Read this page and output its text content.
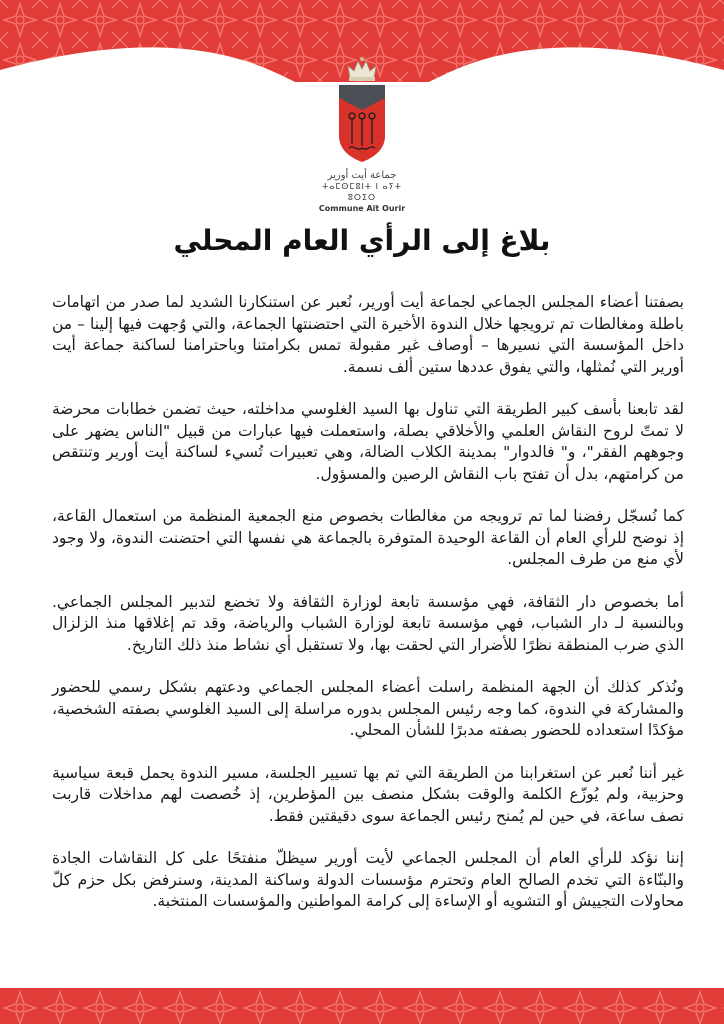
جماعة أيت أورير
ⵜⴰⵎⵙⵎⵓⵏⵜ ⵏ ⴰⵢⵜ ⵓⵔⵉⵔ
Commune Aït Ourir
بلاغ إلى الرأي العام المحلي

بصفتنا أعضاء المجلس الجماعي لجماعة أيت أورير، نُعبر عن استنكارنا الشديد لما صدر من اتهامات باطلة ومغالطات تم ترويجها خلال الندوة الأخيرة التي احتضنتها الجماعة، والتي وُجهت فيها إلينا – من داخل المؤسسة التي نسيرها – أوصاف غير مقبولة تمس بكرامتنا وباحترامنا لساكنة جماعة أيت أورير التي نُمثلها، والتي يفوق عددها ستين ألف نسمة.

لقد تابعنا بأسف كبير الطريقة التي تناول بها السيد الغلوسي مداخلته، حيث تضمن خطابات محرضة لا تمتّ لروح النقاش العلمي والأخلاقي بصلة، واستعملت فيها عبارات من قبيل "الناس يضهر على وجوههم الفقر"، و" فالدوار" بمدينة الكلاب الضالة، وهي تعبيرات تُسيء لساكنة أيت أورير وتنتقص من كرامتهم، بدل أن تفتح باب النقاش الرصين والمسؤول.

كما نُسجّل رفضنا لما تم ترويجه من مغالطات بخصوص منع الجمعية المنظمة من استعمال القاعة، إذ نوضح للرأي العام أن القاعة الوحيدة المتوفرة بالجماعة هي نفسها التي احتضنت الندوة، ولا وجود لأي منع من طرف المجلس.

أما بخصوص دار الثقافة، فهي مؤسسة تابعة لوزارة الثقافة ولا تخضع لتدبير المجلس الجماعي. وبالنسبة لـ دار الشباب، فهي مؤسسة تابعة لوزارة الشباب والرياضة، وقد تم إغلاقها منذ الزلزال الذي ضرب المنطقة نظرًا للأضرار التي لحقت بها، ولا تستقبل أي نشاط منذ ذلك التاريخ.

ونُذكر كذلك أن الجهة المنظمة راسلت أعضاء المجلس الجماعي ودعتهم بشكل رسمي للحضور والمشاركة في الندوة، كما وجه رئيس المجلس بدوره مراسلة إلى السيد الغلوسي بصفته الشخصية، مؤكدًا استعداده للحضور بصفته مدبرًا للشأن المحلي.

غير أننا نُعبر عن استغرابنا من الطريقة التي تم بها تسيير الجلسة، مسير الندوة يحمل قبعة سياسية وحزبية، ولم يُوزّع الكلمة والوقت بشكل منصف بين المؤطرين، إذ خُصصت لهم مداخلات قاربت نصف ساعة، في حين لم يُمنح رئيس الجماعة سوى دقيقتين فقط.

إننا نؤكد للرأي العام أن المجلس الجماعي لأيت أورير سيظلّ منفتحًا على كل النقاشات الجادة والبنّاءة التي تخدم الصالح العام وتحترم مؤسسات الدولة وساكنة المدينة، وسنرفض بكل حزم كلّ محاولات التجييش أو التشويه أو الإساءة إلى كرامة المواطنين والمؤسسات المنتخبة.
